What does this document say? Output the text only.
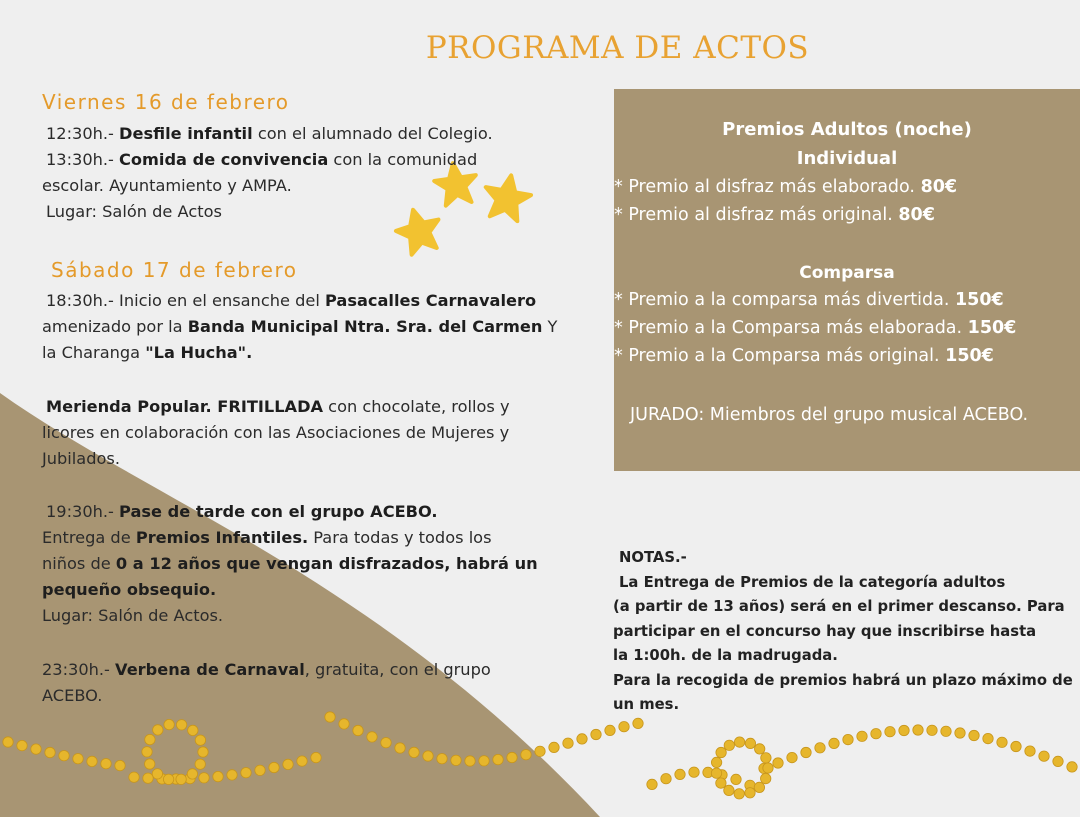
PROGRAMA DE ACTOS
Viernes 16 de febrero
12:30h.- Desfile infantil con el alumnado del Colegio.
13:30h.- Comida de convivencia con la comunidad
escolar. Ayuntamiento y AMPA.
Lugar: Salón de Actos
Sábado 17 de febrero
18:30h.- Inicio en el ensanche del Pasacalles Carnavalero
amenizado por la Banda Municipal Ntra. Sra. del Carmen Y
la Charanga "La Hucha".
Merienda Popular. FRITILLADA con chocolate, rollos y
licores en colaboración con las Asociaciones de Mujeres y
Jubilados.
19:30h.- Pase de tarde con el grupo ACEBO.
Entrega de Premios Infantiles. Para todas y todos los
niños de 0 a 12 años que vengan disfrazados, habrá un
pequeño obsequio.
Lugar: Salón de Actos.
23:30h.- Verbena de Carnaval, gratuita, con el grupo
ACEBO.
Premios Adultos (noche)
Individual
* Premio al disfraz más elaborado. 80€
* Premio al disfraz más original. 80€
Comparsa
* Premio a la comparsa más divertida. 150€
* Premio a la Comparsa más elaborada. 150€
* Premio a la Comparsa más original. 150€
JURADO: Miembros del grupo musical ACEBO.
NOTAS.-
La Entrega de Premios de la categoría adultos
(a partir de 13 años) será en el primer descanso. Para
participar en el concurso hay que inscribirse hasta
la 1:00h. de la madrugada.
Para la recogida de premios habrá un plazo máximo de
un mes.
